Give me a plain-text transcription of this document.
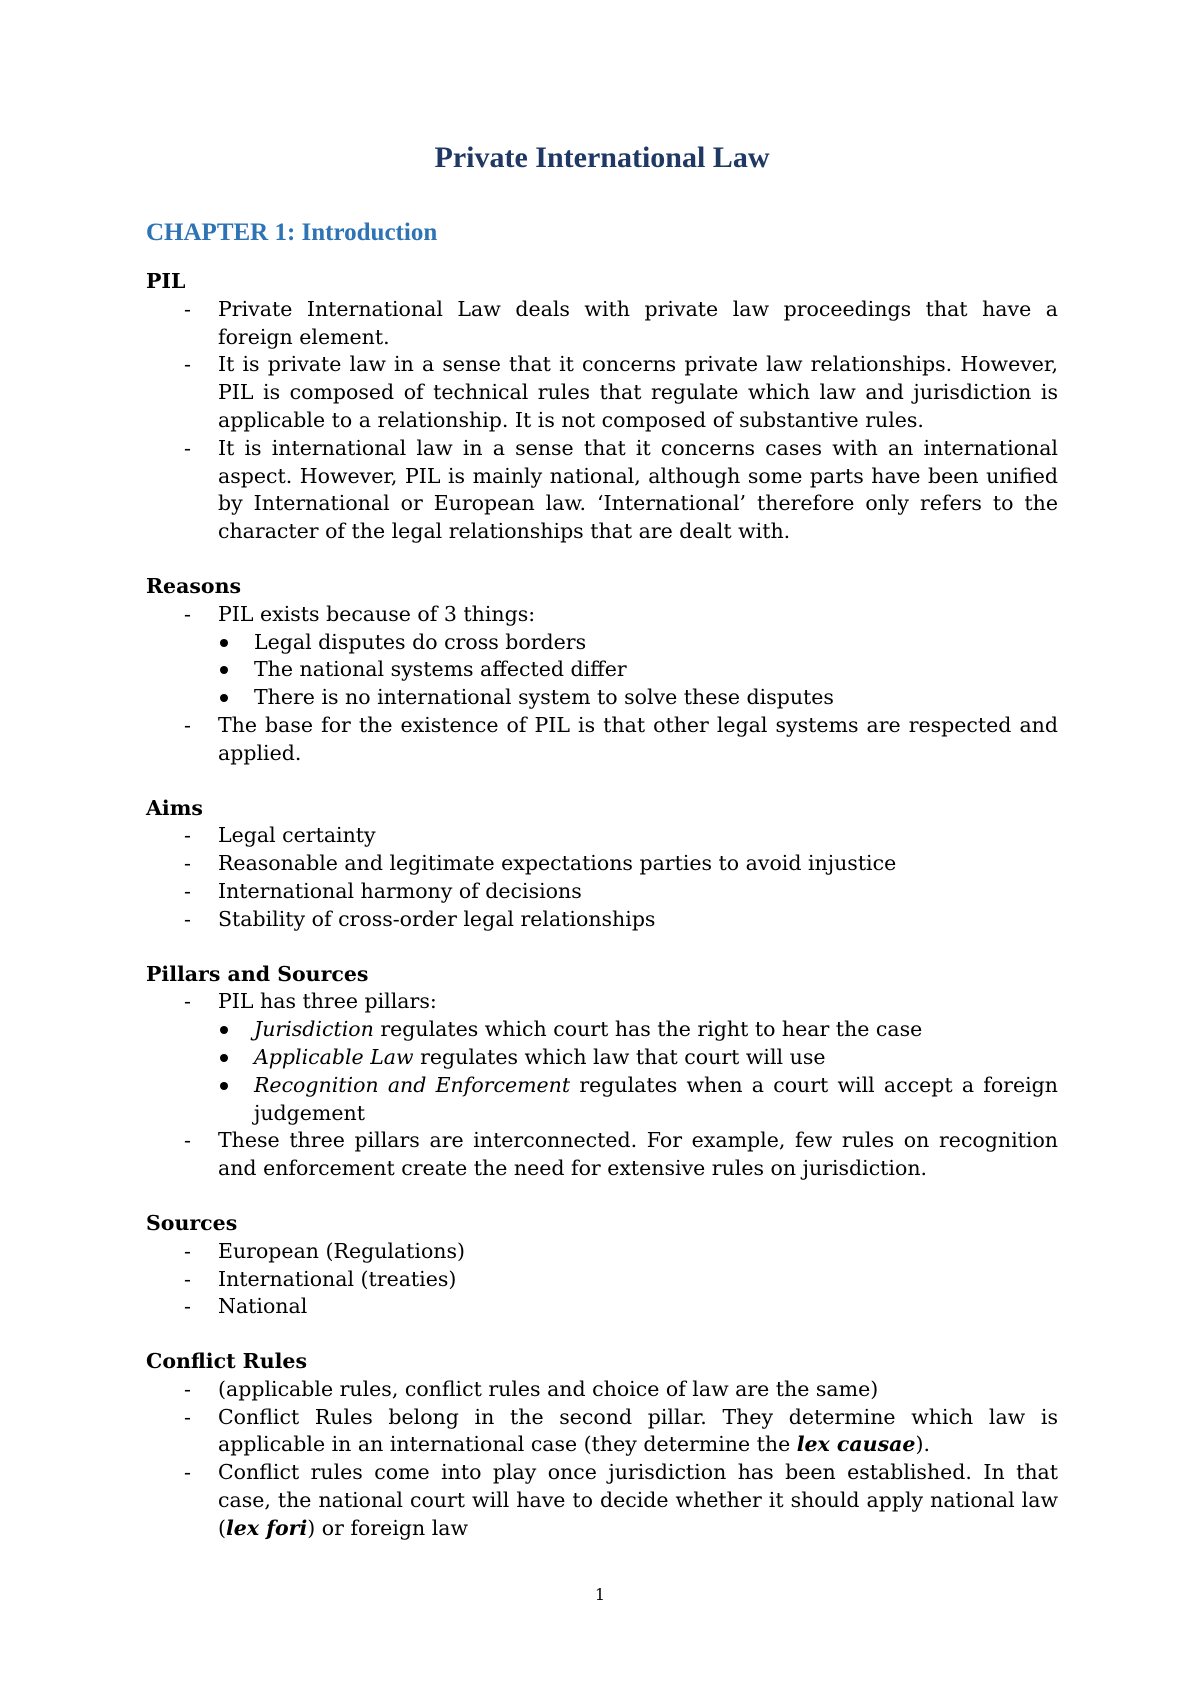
Private International Law
CHAPTER 1: Introduction

PIL

- Private International Law deals with private law proceedings that have a foreign element.
- It is private law in a sense that it concerns private law relationships. However, PIL is composed of technical rules that regulate which law and jurisdiction is applicable to a relationship. It is not composed of substantive rules.
- It is international law in a sense that it concerns cases with an international aspect. However, PIL is mainly national, although some parts have been unified by International or European law. ‘International’ therefore only refers to the character of the legal relationships that are dealt with.

Reasons

- PIL exists because of 3 things:
Legal disputes do cross borders
The national systems affected differ
There is no international system to solve these disputes
- The base for the existence of PIL is that other legal systems are respected and applied.

Aims

- Legal certainty
- Reasonable and legitimate expectations parties to avoid injustice
- International harmony of decisions
- Stability of cross-order legal relationships

Pillars and Sources

- PIL has three pillars:
Jurisdiction regulates which court has the right to hear the case
Applicable Law regulates which law that court will use
Recognition and Enforcement regulates when a court will accept a foreign judgement
- These three pillars are interconnected. For example, few rules on recognition and enforcement create the need for extensive rules on jurisdiction.

Sources

- European (Regulations)
- International (treaties)
- National

Conflict Rules

- (applicable rules, conflict rules and choice of law are the same)
- Conflict Rules belong in the second pillar. They determine which law is applicable in an international case (they determine the lex causae).
- Conflict rules come into play once jurisdiction has been established. In that case, the national court will have to decide whether it should apply national law (lex fori) or foreign law
1
